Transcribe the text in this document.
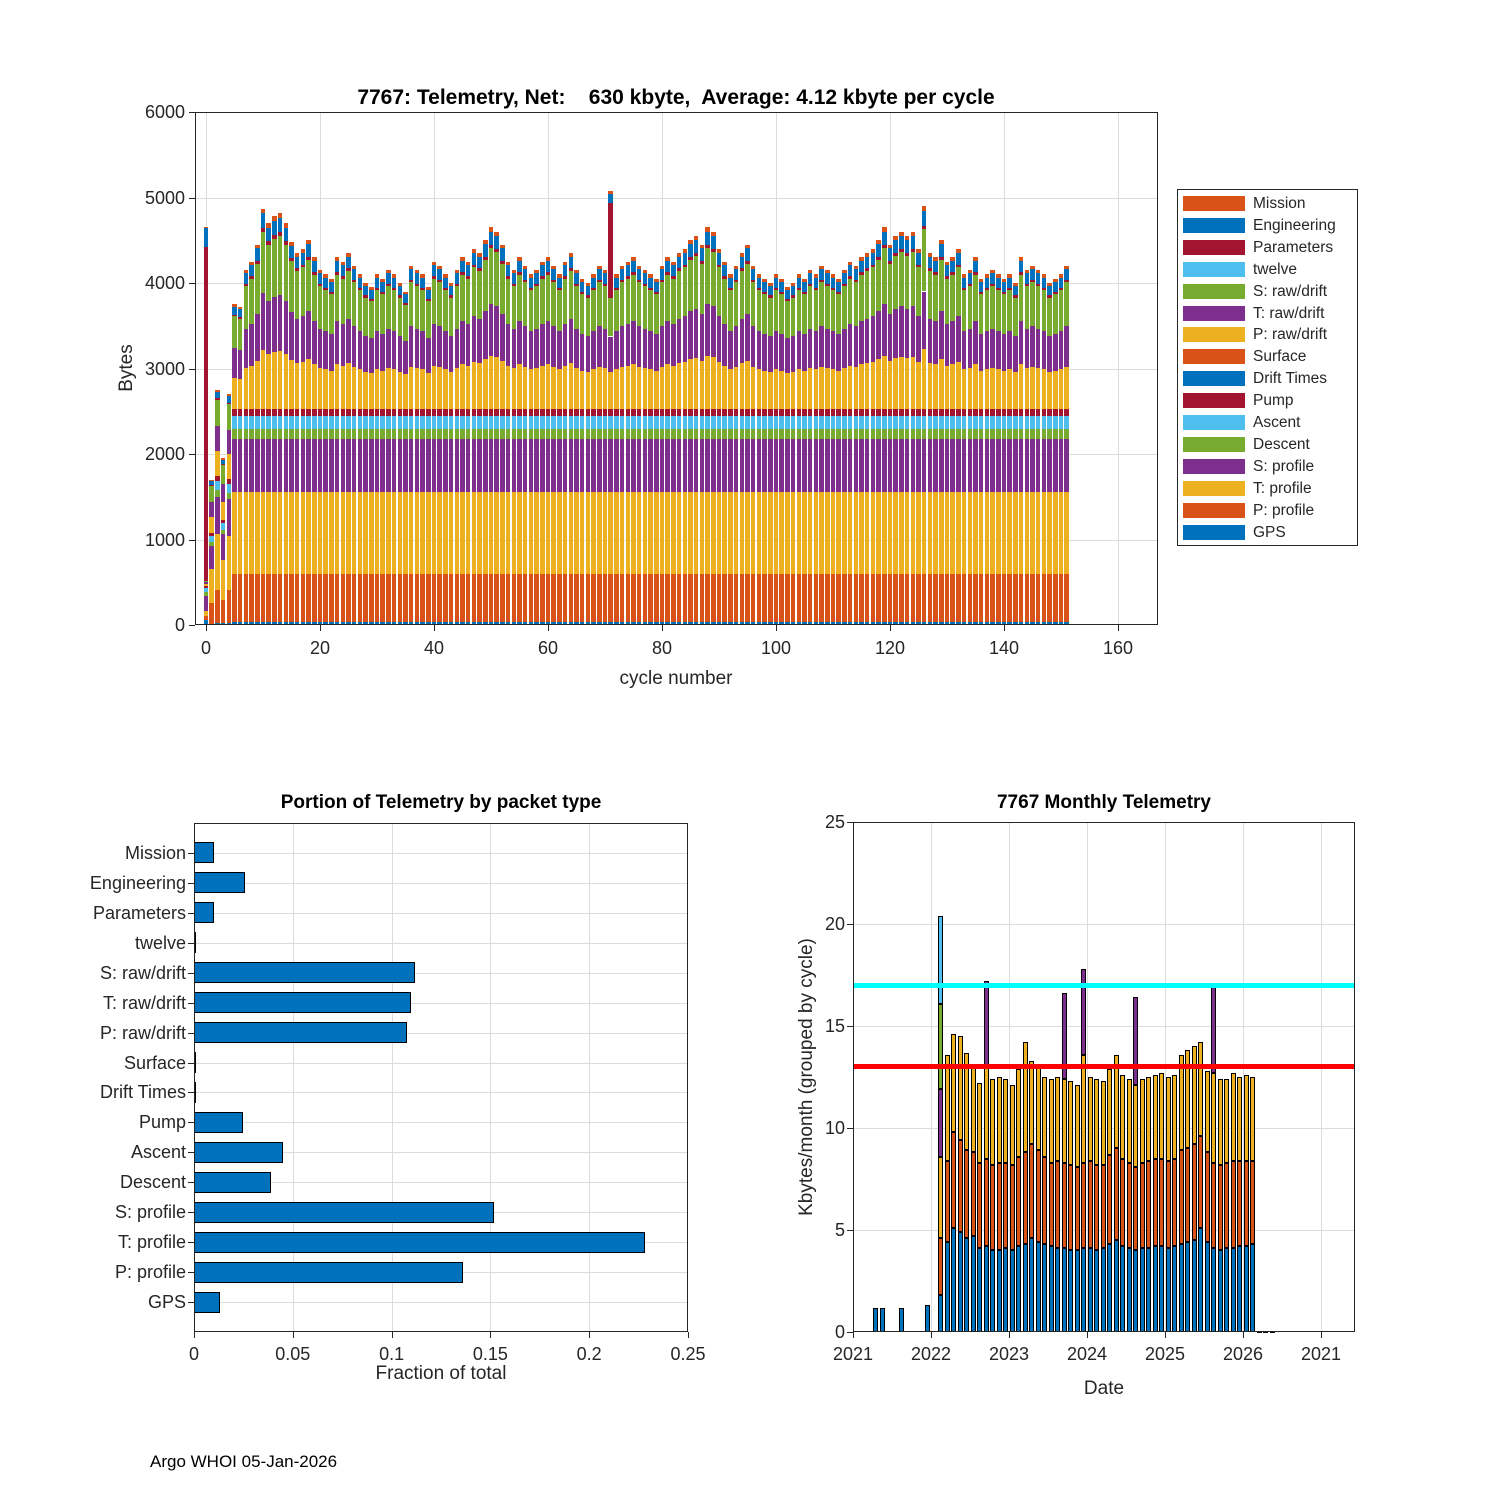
7767: Telemetry, Net:    630 kbyte,  Average: 4.12 kbyte per cycle
Bytes
cycle number
Portion of Telemetry by packet type
Fraction of total
7767 Monthly Telemetry
Kbytes/month (grouped by cycle)
Date
Argo WHOI 05-Jan-2026
0
1000
2000
3000
4000
5000
6000
0	20	40	60	80	100	120	140	160
0	0.05	0.1	0.15	0.2	0.25
Mission
Engineering
Parameters
twelve
S: raw/drift
T: raw/drift
P: raw/drift
Surface
Drift Times
Pump
Ascent
Descent
S: profile
T: profile
P: profile
GPS
0
5
10
15
20
25
2021	2022	2023	2024	2025	2026	2021
Mission
Engineering
Parameters
twelve
S: raw/drift
T: raw/drift
P: raw/drift
Surface
Drift Times
Pump
Ascent
Descent
S: profile
T: profile
P: profile
GPS
